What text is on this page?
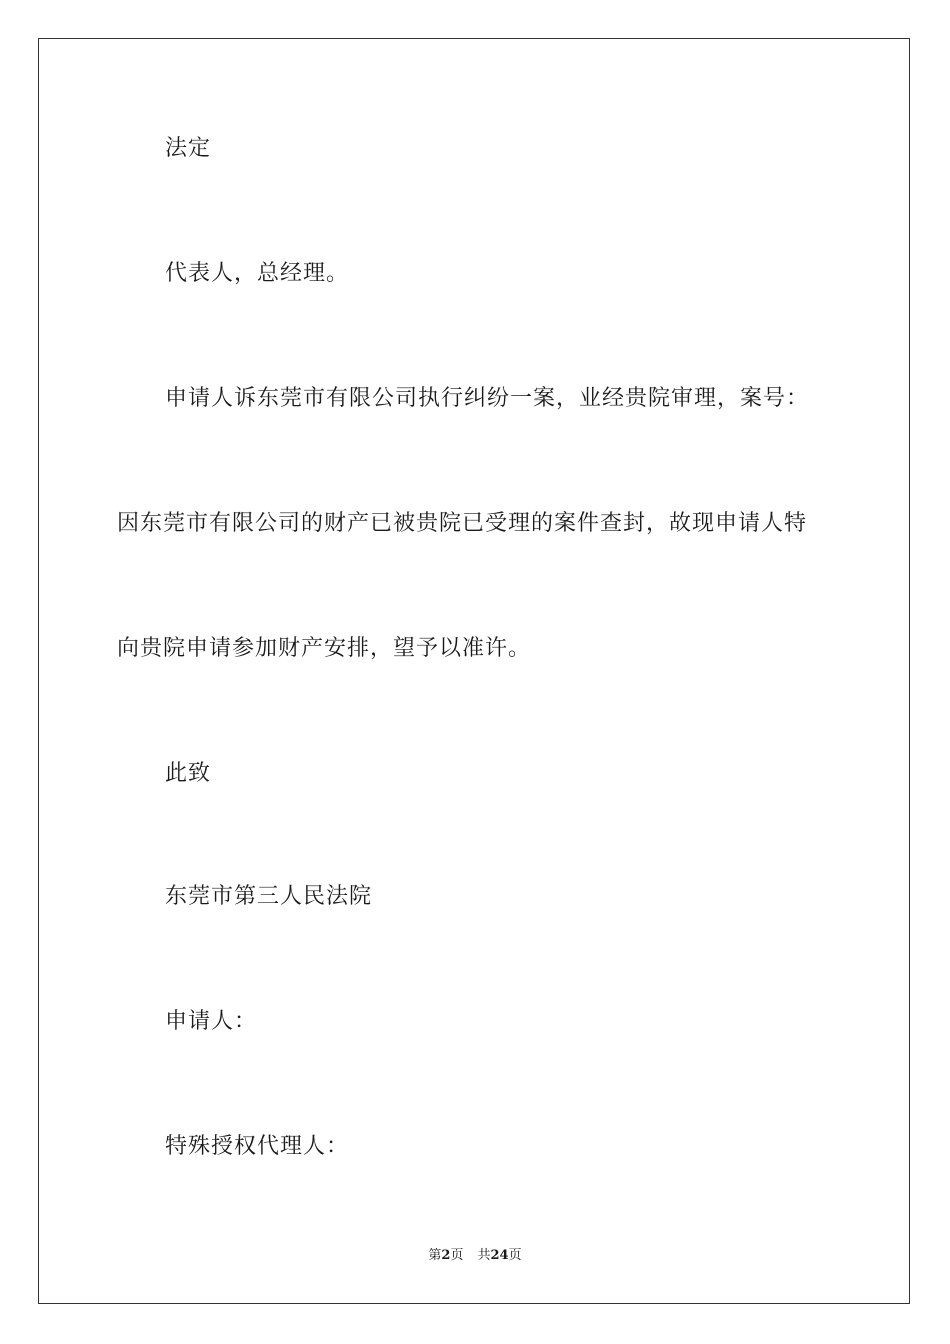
法定
代表人，总经理。
申请人诉东莞市有限公司执行纠纷一案，业经贵院审理，案号：
因东莞市有限公司的财产已被贵院已受理的案件查封，故现申请人特
向贵院申请参加财产安排，望予以准许。
此致
东莞市第三人民法院
申请人：
特殊授权代理人：
第2页 共24页
